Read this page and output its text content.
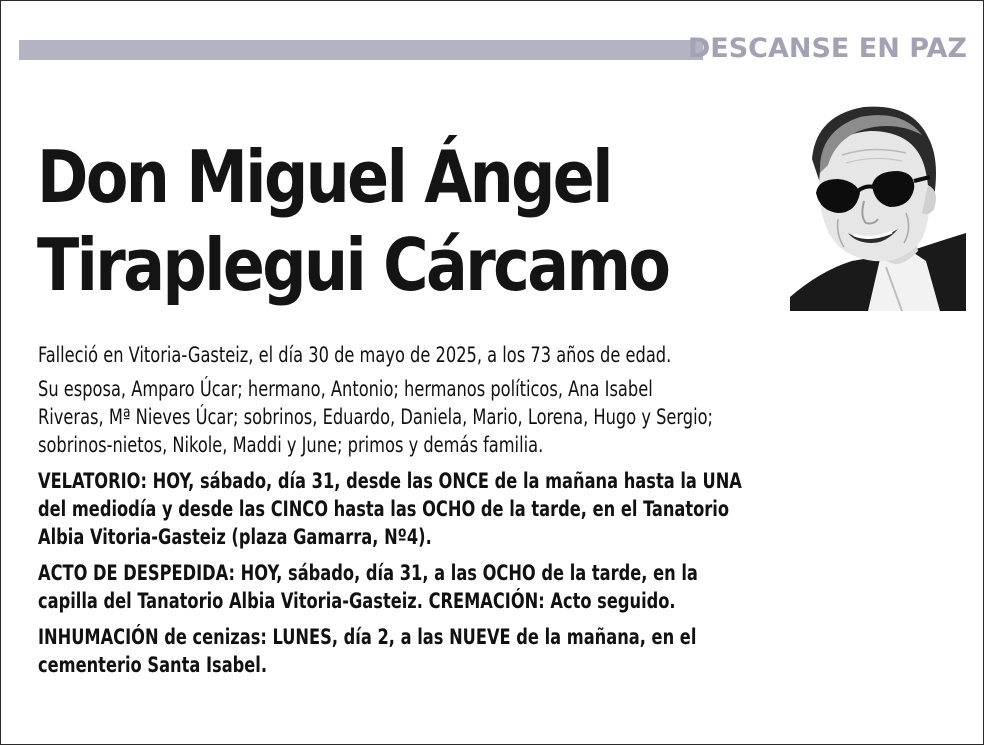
DESCANSE EN PAZ
Don Miguel Ángel
Tiraplegui Cárcamo
Falleció en Vitoria-Gasteiz, el día 30 de mayo de 2025, a los 73 años de edad.
Su esposa, Amparo Úcar; hermano, Antonio; hermanos políticos, Ana Isabel
Riveras, Mª Nieves Úcar; sobrinos, Eduardo, Daniela, Mario, Lorena, Hugo y Sergio;
sobrinos-nietos, Nikole, Maddi y June; primos y demás familia.
VELATORIO: HOY, sábado, día 31, desde las ONCE de la mañana hasta la UNA
del mediodía y desde las CINCO hasta las OCHO de la tarde, en el Tanatorio
Albia Vitoria-Gasteiz (plaza Gamarra, Nº4).
ACTO DE DESPEDIDA: HOY, sábado, día 31, a las OCHO de la tarde, en la
capilla del Tanatorio Albia Vitoria-Gasteiz. CREMACIÓN: Acto seguido.
INHUMACIÓN de cenizas: LUNES, día 2, a las NUEVE de la mañana, en el
cementerio Santa Isabel.
